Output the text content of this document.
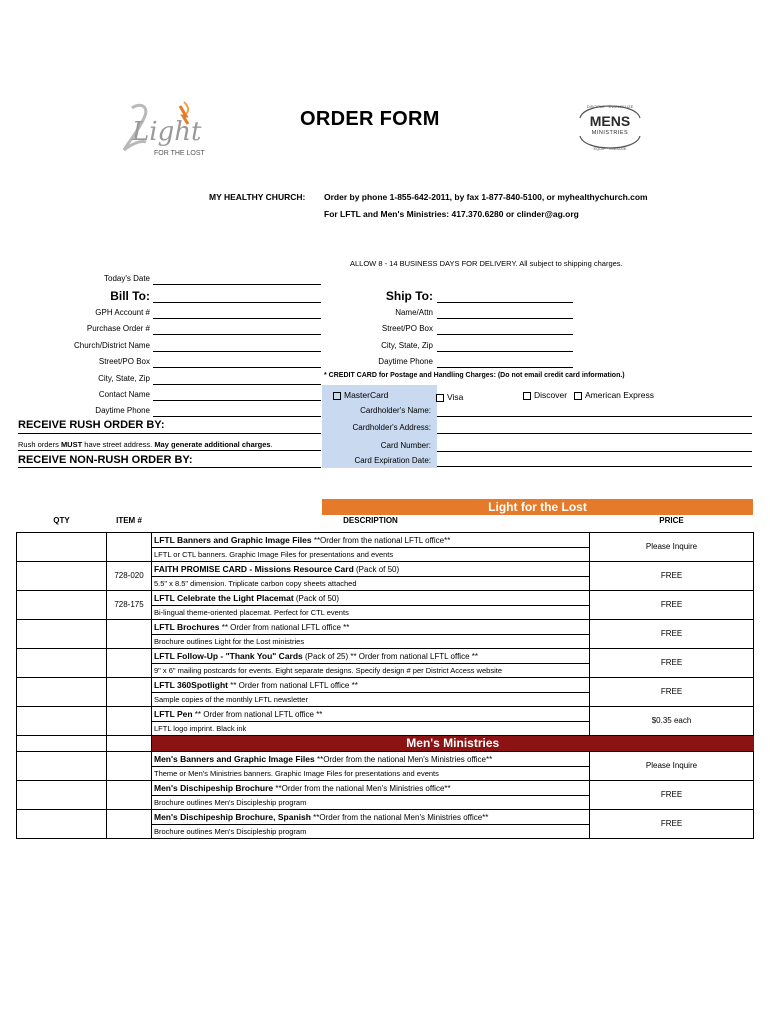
Light
FOR THE LOST
DISCIPLE · EVANGELIZE
MENS
MINISTRIES
EQUIP · ENGAGE
ORDER FORM
MY HEALTHY CHURCH: Order by phone 1-855-642-2011, by fax 1-877-840-5100, or myhealthychurch.com
For LFTL and Men's Ministries: 417.370.6280 or clinder@ag.org
ALLOW 8 - 14 BUSINESS DAYS FOR DELIVERY. All subject to shipping charges.
Today's Date
Bill To:
GPH Account #
Purchase Order #
Church/District Name
Street/PO Box
City, State, Zip
Contact Name
Daytime Phone
RECEIVE RUSH ORDER BY:
Rush orders MUST have street address. May generate additional charges.
RECEIVE NON-RUSH ORDER BY:
Ship To:
Name/Attn
Street/PO Box
City, State, Zip
Daytime Phone
* CREDIT CARD for Postage and Handling Charges: (Do not email credit card information.)
MasterCard	Visa	Discover	American Express
Cardholder's Name:
Cardholder's Address:
Card Number:
Card Expiration Date:
Light for the Lost
QTY	ITEM #	DESCRIPTION	PRICE

		LFTL Banners and Graphic Image Files **Order from the national LFTL office**
LFTL or CTL banners. Graphic Image Files for presentations and events	Please Inquire
	728-020	FAITH PROMISE CARD - Missions Resource Card (Pack of 50)
5.5" x 8.5" dimension. Triplicate carbon copy sheets attached	FREE
	728-175	LFTL Celebrate the Light Placemat (Pack of 50)
Bi-lingual theme-oriented placemat. Perfect for CTL events	FREE

		LFTL Brochures ** Order from national LFTL office **
Brochure outlines Light for the Lost ministries	FREE

		LFTL Follow-Up - "Thank You" Cards (Pack of 25) ** Order from national LFTL office **
9" x 6" mailing postcards for events. Eight separate designs. Specify design # per District Access website	FREE

		LFTL 360Spotlight ** Order from national LFTL office **
Sample copies of the monthly LFTL newsletter	FREE

		LFTL Pen ** Order from national LFTL office **
LFTL logo imprint. Black ink	$0.35 each
		Men's Ministries	

		Men's Banners and Graphic Image Files **Order from the national Men's Ministries office**
Theme or Men's Ministries banners. Graphic Image Files for presentations and events	Please Inquire

		Men's Dischipeship Brochure **Order from the national Men's Ministries office**
Brochure outlines Men's Discipleship program	FREE

		Men's Dischipeship Brochure, Spanish **Order from the national Men's Ministries office**
Brochure outlines Men's Discipleship program	FREE
